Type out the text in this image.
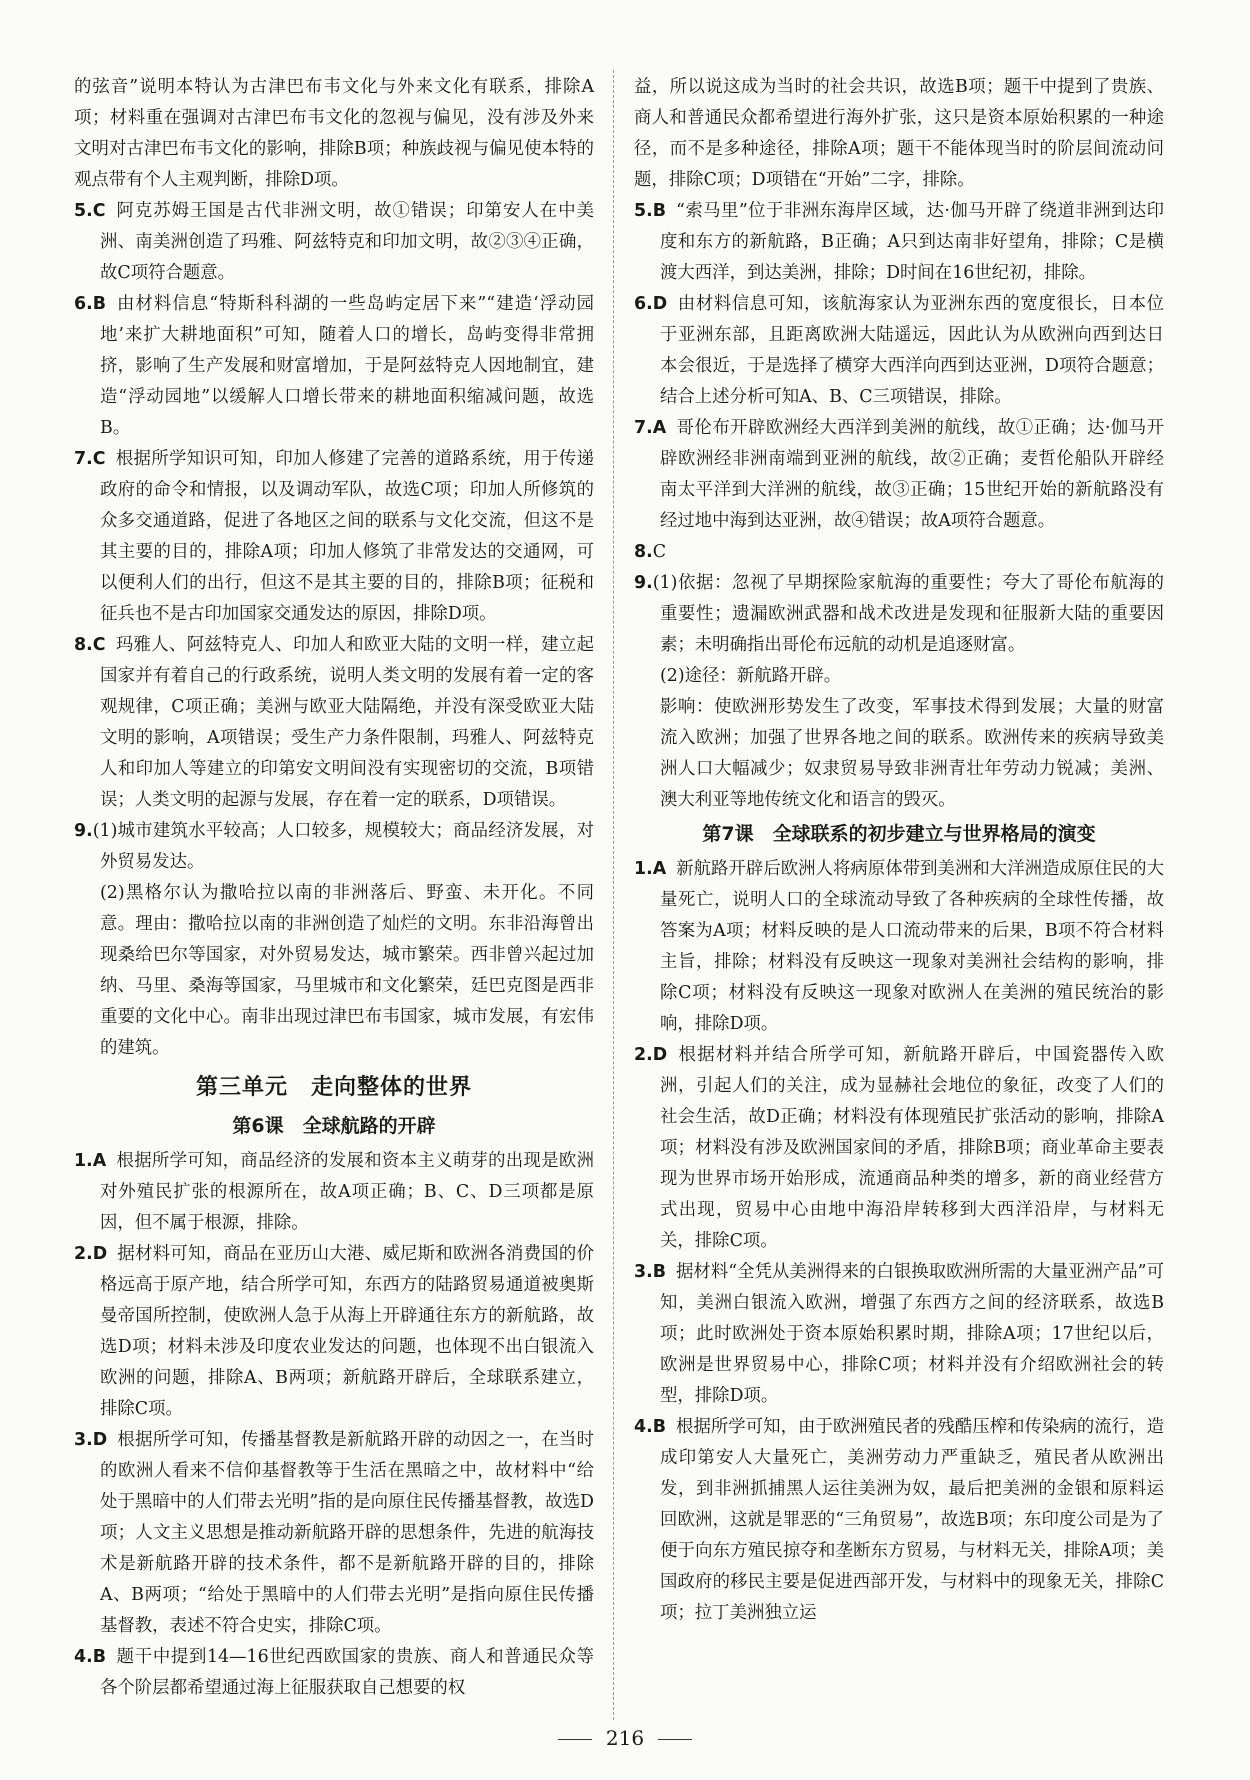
的弦音”说明本特认为古津巴布韦文化与外来文化有联系，排除A项；材料重在强调对古津巴布韦文化的忽视与偏见，没有涉及外来文明对古津巴布韦文化的影响，排除B项；种族歧视与偏见使本特的观点带有个人主观判断，排除D项。

5.C 阿克苏姆王国是古代非洲文明，故①错误；印第安人在中美洲、南美洲创造了玛雅、阿兹特克和印加文明，故②③④正确，故C项符合题意。

6.B 由材料信息“特斯科科湖的一些岛屿定居下来”“建造‘浮动园地’来扩大耕地面积”可知，随着人口的增长，岛屿变得非常拥挤，影响了生产发展和财富增加，于是阿兹特克人因地制宜，建造“浮动园地”以缓解人口增长带来的耕地面积缩减问题，故选B。

7.C 根据所学知识可知，印加人修建了完善的道路系统，用于传递政府的命令和情报，以及调动军队，故选C项；印加人所修筑的众多交通道路，促进了各地区之间的联系与文化交流，但这不是其主要的目的，排除A项；印加人修筑了非常发达的交通网，可以便利人们的出行，但这不是其主要的目的，排除B项；征税和征兵也不是古印加国家交通发达的原因，排除D项。

8.C 玛雅人、阿兹特克人、印加人和欧亚大陆的文明一样，建立起国家并有着自己的行政系统，说明人类文明的发展有着一定的客观规律，C项正确；美洲与欧亚大陆隔绝，并没有深受欧亚大陆文明的影响，A项错误；受生产力条件限制，玛雅人、阿兹特克人和印加人等建立的印第安文明间没有实现密切的交流，B项错误；人类文明的起源与发展，存在着一定的联系，D项错误。

9.(1)城市建筑水平较高；人口较多，规模较大；商品经济发展，对外贸易发达。

(2)黑格尔认为撒哈拉以南的非洲落后、野蛮、未开化。不同意。理由：撒哈拉以南的非洲创造了灿烂的文明。东非沿海曾出现桑给巴尔等国家，对外贸易发达，城市繁荣。西非曾兴起过加纳、马里、桑海等国家，马里城市和文化繁荣，廷巴克图是西非重要的文化中心。南非出现过津巴布韦国家，城市发展，有宏伟的建筑。

第三单元　走向整体的世界
第6课　全球航路的开辟

1.A 根据所学可知，商品经济的发展和资本主义萌芽的出现是欧洲对外殖民扩张的根源所在，故A项正确；B、C、D三项都是原因，但不属于根源，排除。

2.D 据材料可知，商品在亚历山大港、威尼斯和欧洲各消费国的价格远高于原产地，结合所学可知，东西方的陆路贸易通道被奥斯曼帝国所控制，使欧洲人急于从海上开辟通往东方的新航路，故选D项；材料未涉及印度农业发达的问题，也体现不出白银流入欧洲的问题，排除A、B两项；新航路开辟后，全球联系建立，排除C项。

3.D 根据所学可知，传播基督教是新航路开辟的动因之一，在当时的欧洲人看来不信仰基督教等于生活在黑暗之中，故材料中“给处于黑暗中的人们带去光明”指的是向原住民传播基督教，故选D项；人文主义思想是推动新航路开辟的思想条件，先进的航海技术是新航路开辟的技术条件，都不是新航路开辟的目的，排除A、B两项；“给处于黑暗中的人们带去光明”是指向原住民传播基督教，表述不符合史实，排除C项。

4.B 题干中提到14—16世纪西欧国家的贵族、商人和普通民众等各个阶层都希望通过海上征服获取自己想要的权

益，所以说这成为当时的社会共识，故选B项；题干中提到了贵族、商人和普通民众都希望进行海外扩张，这只是资本原始积累的一种途径，而不是多种途径，排除A项；题干不能体现当时的阶层间流动问题，排除C项；D项错在“开始”二字，排除。

5.B “索马里”位于非洲东海岸区域，达·伽马开辟了绕道非洲到达印度和东方的新航路，B正确；A只到达南非好望角，排除；C是横渡大西洋，到达美洲，排除；D时间在16世纪初，排除。

6.D 由材料信息可知，该航海家认为亚洲东西的宽度很长，日本位于亚洲东部，且距离欧洲大陆遥远，因此认为从欧洲向西到达日本会很近，于是选择了横穿大西洋向西到达亚洲，D项符合题意；结合上述分析可知A、B、C三项错误，排除。

7.A 哥伦布开辟欧洲经大西洋到美洲的航线，故①正确；达·伽马开辟欧洲经非洲南端到亚洲的航线，故②正确；麦哲伦船队开辟经南太平洋到大洋洲的航线，故③正确；15世纪开始的新航路没有经过地中海到达亚洲，故④错误；故A项符合题意。

8.C

9.(1)依据：忽视了早期探险家航海的重要性；夸大了哥伦布航海的重要性；遗漏欧洲武器和战术改进是发现和征服新大陆的重要因素；未明确指出哥伦布远航的动机是追逐财富。

(2)途径：新航路开辟。

影响：使欧洲形势发生了改变，军事技术得到发展；大量的财富流入欧洲；加强了世界各地之间的联系。欧洲传来的疾病导致美洲人口大幅减少；奴隶贸易导致非洲青壮年劳动力锐减；美洲、澳大利亚等地传统文化和语言的毁灭。

第7课　全球联系的初步建立与世界格局的演变

1.A 新航路开辟后欧洲人将病原体带到美洲和大洋洲造成原住民的大量死亡，说明人口的全球流动导致了各种疾病的全球性传播，故答案为A项；材料反映的是人口流动带来的后果，B项不符合材料主旨，排除；材料没有反映这一现象对美洲社会结构的影响，排除C项；材料没有反映这一现象对欧洲人在美洲的殖民统治的影响，排除D项。

2.D 根据材料并结合所学可知，新航路开辟后，中国瓷器传入欧洲，引起人们的关注，成为显赫社会地位的象征，改变了人们的社会生活，故D正确；材料没有体现殖民扩张活动的影响，排除A项；材料没有涉及欧洲国家间的矛盾，排除B项；商业革命主要表现为世界市场开始形成，流通商品种类的增多，新的商业经营方式出现，贸易中心由地中海沿岸转移到大西洋沿岸，与材料无关，排除C项。

3.B 据材料“全凭从美洲得来的白银换取欧洲所需的大量亚洲产品”可知，美洲白银流入欧洲，增强了东西方之间的经济联系，故选B项；此时欧洲处于资本原始积累时期，排除A项；17世纪以后，欧洲是世界贸易中心，排除C项；材料并没有介绍欧洲社会的转型，排除D项。

4.B 根据所学可知，由于欧洲殖民者的残酷压榨和传染病的流行，造成印第安人大量死亡，美洲劳动力严重缺乏，殖民者从欧洲出发，到非洲抓捕黑人运往美洲为奴，最后把美洲的金银和原料运回欧洲，这就是罪恶的“三角贸易”，故选B项；东印度公司是为了便于向东方殖民掠夺和垄断东方贸易，与材料无关，排除A项；美国政府的移民主要是促进西部开发，与材料中的现象无关，排除C项；拉丁美洲独立运

216
